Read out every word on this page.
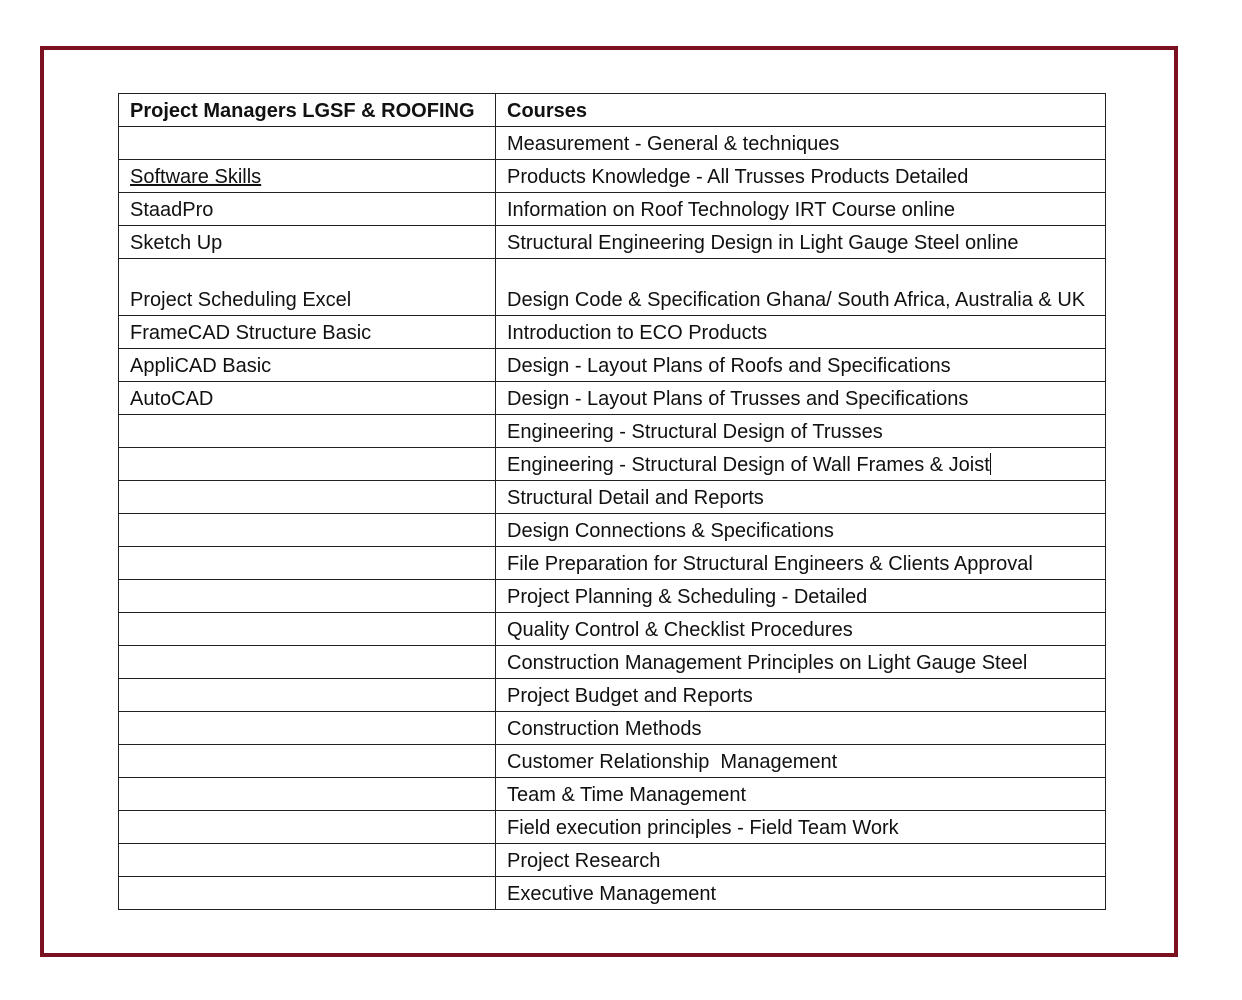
Project Managers LGSF & ROOFING	Courses
	Measurement - General & techniques
Software Skills	Products Knowledge - All Trusses Products Detailed
StaadPro	Information on Roof Technology IRT Course online
Sketch Up	Structural Engineering Design in Light Gauge Steel online
Project Scheduling Excel	Design Code & Specification Ghana/ South Africa, Australia & UK
FrameCAD Structure Basic	Introduction to ECO Products
AppliCAD Basic	Design - Layout Plans of Roofs and Specifications
AutoCAD	Design - Layout Plans of Trusses and Specifications
	Engineering - Structural Design of Trusses
	Engineering - Structural Design of Wall Frames & Joist
	Structural Detail and Reports
	Design Connections & Specifications
	File Preparation for Structural Engineers & Clients Approval
	Project Planning & Scheduling - Detailed
	Quality Control & Checklist Procedures
	Construction Management Principles on Light Gauge Steel
	Project Budget and Reports
	Construction Methods
	Customer Relationship  Management
	Team & Time Management
	Field execution principles - Field Team Work
	Project Research
	Executive Management
